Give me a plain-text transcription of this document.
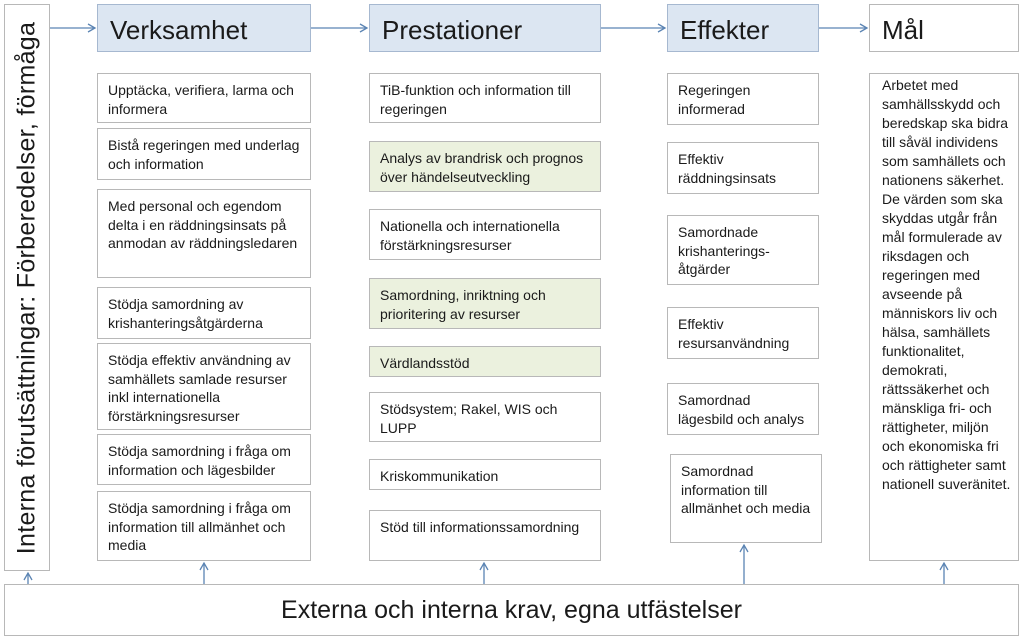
Interna förutsättningar: Förberedelser, förmåga	Verksamhet	Prestationer	Effekter	Mål
Upptäcka, verifiera, larma och informera
Bistå regeringen med underlag och information
Med personal och egendom delta i en räddningsinsats på anmodan av räddningsledaren
Stödja samordning av krishanteringsåtgärderna
Stödja effektiv användning av samhällets samlade resurser inkl internationella förstärkningsresurser
Stödja samordning i fråga om information och lägesbilder
Stödja samordning i fråga om information till allmänhet och media
TiB-funktion och information till regeringen
Analys av brandrisk och prognos över händelseutveckling
Nationella och internationella förstärkningsresurser
Samordning, inriktning och prioritering av resurser
Värdlandsstöd
Stödsystem; Rakel, WIS och LUPP
Kriskommunikation
Stöd till informationssamordning
Regeringen informerad
Effektiv räddningsinsats
Samordnade krishanterings-åtgärder
Effektiv resursanvändning
Samordnad lägesbild och analys
Samordnad information till allmänhet och media
Arbetet med samhällsskydd och beredskap ska bidra till såväl individens som samhällets och nationens säkerhet. De värden som ska skyddas utgår från mål formulerade av riksdagen och regeringen med avseende på människors liv och hälsa, samhällets funktionalitet, demokrati, rättssäkerhet och mänskliga fri- och rättigheter, miljön och ekonomiska fri och rättigheter samt nationell suveränitet.
Externa och interna krav, egna utfästelser
